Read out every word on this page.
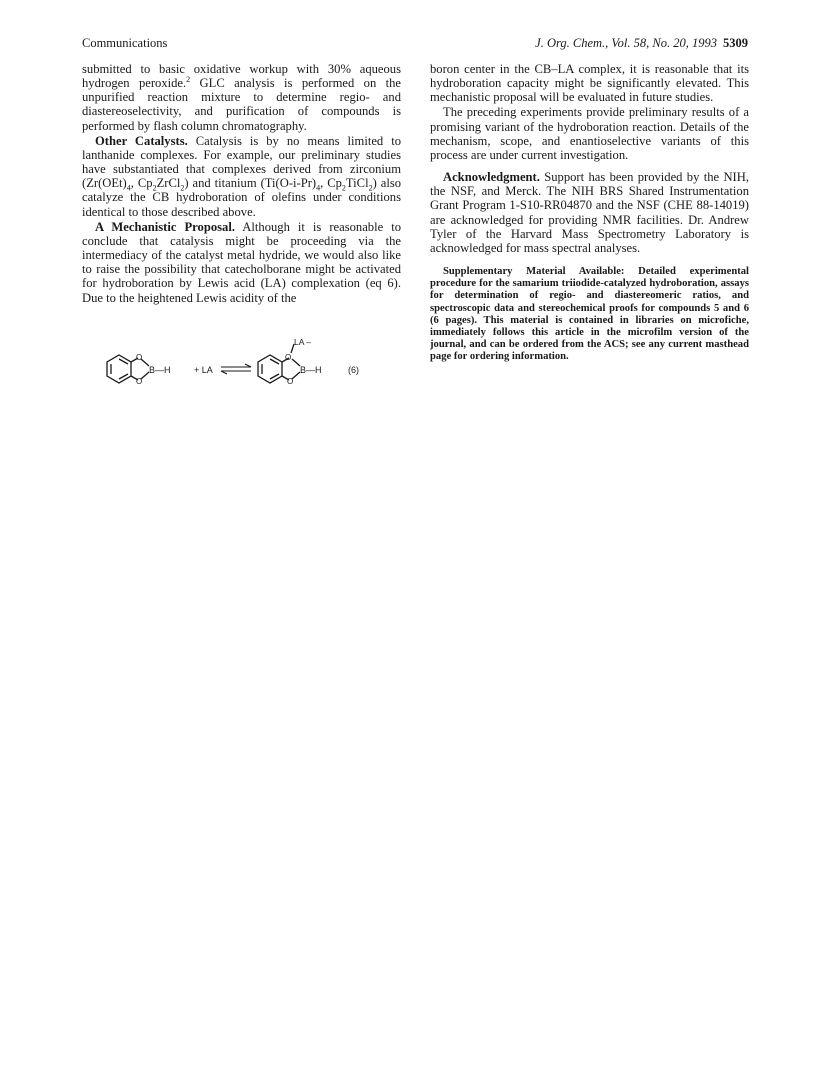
Communications	J. Org. Chem., Vol. 58, No. 20, 1993 5309

submitted to basic oxidative workup with 30% aqueous hydrogen peroxide.$^2$ GLC analysis is performed on the unpurified reaction mixture to determine regio- and diastereoselectivity, and purification of compounds is performed by flash column chromatography.

Other Catalysts. Catalysis is by no means limited to lanthanide complexes. For example, our preliminary studies have substantiated that complexes derived from zirconium ($Zr(OEt)_4$, $Cp_2ZrCl_2$) and titanium ($Ti(O-i-Pr)_4$, $Cp_2TiCl_2$) also catalyze the CB hydroboration of olefins under conditions identical to those described above.

A Mechanistic Proposal. Although it is reasonable to conclude that catalysis might be proceeding via the intermediacy of the catalyst metal hydride, we would also like to raise the possibility that catecholborane might be activated for hydroboration by Lewis acid (LA) complexation (eq 6). Due to the heightened Lewis acidity of the

O
O
B—H	+ LA
O
O
LA –
B—H	(6)

boron center in the CB–LA complex, it is reasonable that its hydroboration capacity might be significantly elevated. This mechanistic proposal will be evaluated in future studies.

The preceding experiments provide preliminary results of a promising variant of the hydroboration reaction. Details of the mechanism, scope, and enantioselective variants of this process are under current investigation.

Acknowledgment. Support has been provided by the NIH, the NSF, and Merck. The NIH BRS Shared Instrumentation Grant Program 1-S10-RR04870 and the NSF (CHE 88-14019) are acknowledged for providing NMR facilities. Dr. Andrew Tyler of the Harvard Mass Spectrometry Laboratory is acknowledged for mass spectral analyses.

Supplementary Material Available: Detailed experimental procedure for the samarium triiodide-catalyzed hydroboration, assays for determination of regio- and diastereomeric ratios, and spectroscopic data and stereochemical proofs for compounds 5 and 6 (6 pages). This material is contained in libraries on microfiche, immediately follows this article in the microfilm version of the journal, and can be ordered from the ACS; see any current masthead page for ordering information.
